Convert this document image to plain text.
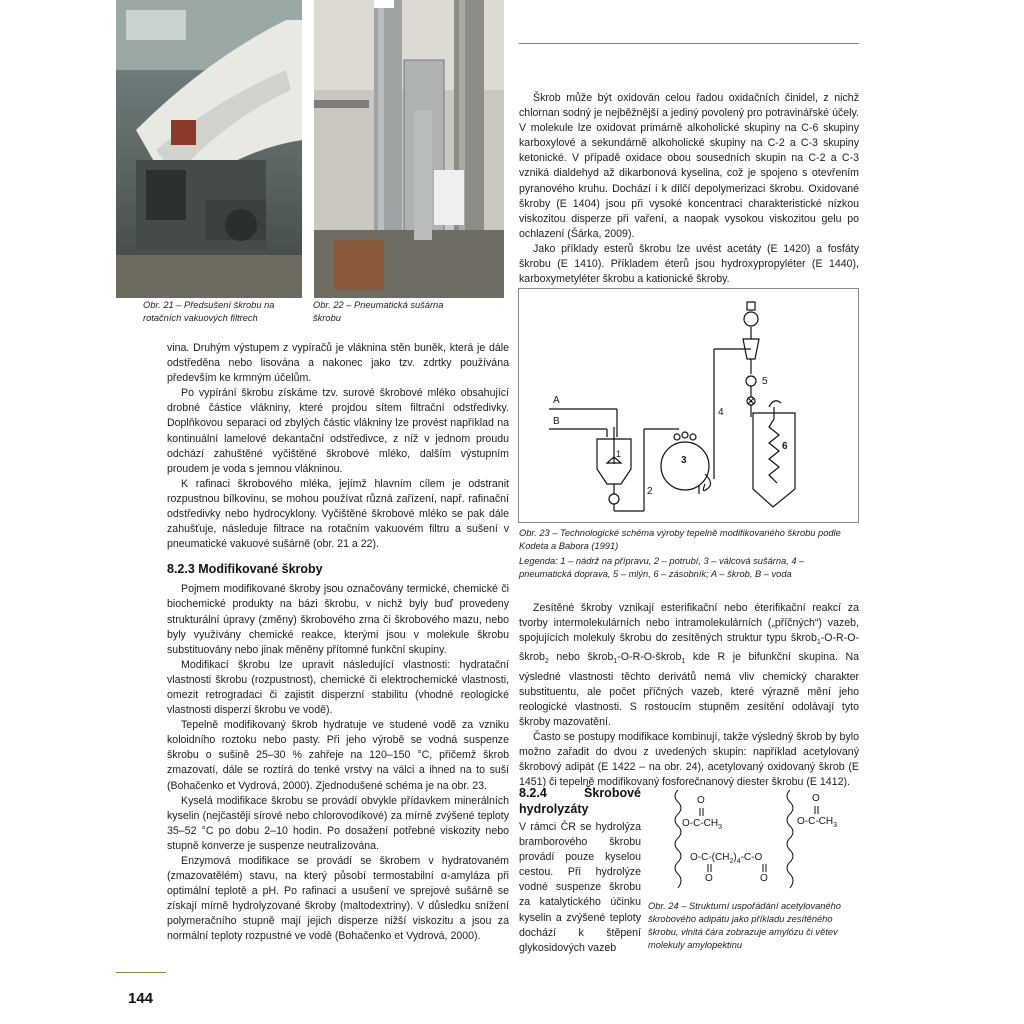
Obr. 21 – Předsušení škrobu na rotačních vakuových filtrech
Obr. 22 – Pneumatická sušárna škrobu

vina. Druhým výstupem z vypíračů je vláknina stěn buněk, která je dále odstředěna nebo lisována a nakonec jako tzv. zdrtky používána především ke krmným účelům.

Po vypírání škrobu získáme tzv. surové škrobové mléko obsahující drobné částice vlákniny, které projdou sítem filtrační odstředivky. Doplňkovou separaci od zbylých částic vlákniny lze provést například na kontinuální lamelové dekantační odstředivce, z níž v jednom proudu odchází zahuštěné vyčištěné škrobové mléko, dalším výstupním proudem je voda s jemnou vlákninou.

K rafinaci škrobového mléka, jejímž hlavním cílem je odstranit rozpustnou bílkovinu, se mohou používat různá zařízení, např. rafinační odstředivky nebo hydrocyklony. Vyčištěné škrobové mléko se pak dále zahušťuje, následuje filtrace na rotačním vakuovém filtru a sušení v pneumatické vakuové sušárně (obr. 21 a 22).

8.2.3 Modifikované škroby

Pojmem modifikované škroby jsou označovány termické, chemické či biochemické produkty na bázi škrobu, v nichž byly buď provedeny strukturální úpravy (změny) škrobového zrna či škrobového mazu, nebo byly využívány chemické reakce, kterými jsou v molekule škrobu substituovány nebo jinak měněny přítomné funkční skupiny.

Modifikací škrobu lze upravit následující vlastnosti: hydratační vlastnosti škrobu (rozpustnost), chemické či elektrochemické vlastnosti, omezit retrogradaci či zajistit disperzní stabilitu (vhodné reologické vlastnosti disperzí škrobu ve vodě).

Tepelně modifikovaný škrob hydratuje ve studené vodě za vzniku koloidního roztoku nebo pasty. Při jeho výrobě se vodná suspenze škrobu o sušině 25–30 % zahřeje na 120–150 °C, přičemž škrob zmazovatí, dále se roztírá do tenké vrstvy na válci a ihned na to suší (Bohačenko et Vydrová, 2000). Zjednodušené schéma je na obr. 23.

Kyselá modifikace škrobu se provádí obvykle přídavkem minerálních kyselin (nejčastěji sírové nebo chlorovodíkové) za mírně zvýšené teploty 35–52 °C po dobu 2–10 hodin. Po dosažení potřebné viskozity nebo stupně konverze je suspenze neutralizována.

Enzymová modifikace se provádí se škrobem v hydratovaném (zmazovatělém) stavu, na který působí termostabilní α-amyláza při optimální teplotě a pH. Po rafinaci a usušení ve sprejové sušárně se získají mírně hydrolyzované škroby (maltodextriny). V důsledku snížení polymeračního stupně mají jejich disperze nižší viskozitu a jsou za normální teploty rozpustné ve vodě (Bohačenko et Vydrová, 2000).

Škrob může být oxidován celou řadou oxidačních činidel, z nichž chlornan sodný je nejběžnější a jediný povolený pro potravinářské účely. V molekule lze oxidovat primárně alkoholické skupiny na C-6 skupiny karboxylové a sekundárně alkoholické skupiny na C-2 a C-3 skupiny ketonické. V případě oxidace obou sousedních skupin na C-2 a C-3 vzniká dialdehyd až dikarbonová kyselina, což je spojeno s otevřením pyranového kruhu. Dochází i k dílčí depolymerizaci škrobu. Oxidované škroby (E 1404) jsou při vysoké koncentraci charakteristické nízkou viskozitou disperze při vaření, a naopak vysokou viskozitou gelu po ochlazení (Šárka, 2009).

Jako příklady esterů škrobu lze uvést acetáty (E 1420) a fosfáty škrobu (E 1410). Příkladem éterů jsou hydroxypropyléter (E 1440), karboxymetyléter škrobu a kationické škroby.

A
B
1
2
3
4
5
6
Obr. 23 – Technologické schéma výroby tepelně modifikovaného škrobu podle Kodeta a Babora (1991)
Legenda: 1 – nádrž na přípravu, 2 – potrubí, 3 – válcová sušárna, 4 – pneumatická doprava, 5 – mlýn, 6 – zásobník; A – škrob, B – voda

Zesítěné škroby vznikají esterifikační nebo éterifikační reakcí za tvorby intermolekulárních nebo intramolekulárních („příčných“) vazeb, spojujících molekuly škrobu do zesítěných struktur typu škrob$_1$-O-R-O-škrob$_2$ nebo škrob$_1$-O-R-O-škrob$_1$ kde R je bifunkční skupina. Na výsledné vlastnosti těchto derivátů nemá vliv chemický charakter substituentu, ale počet příčných vazeb, které výrazně mění jeho reologické vlastnosti. S rostoucím stupněm zesítění odolávají tyto škroby mazovatění.

Často se postupy modifikace kombinují, takže výsledný škrob by bylo možno zařadit do dvou z uvedených skupin: například acetylovaný škrobový adipát (E 1422 – na obr. 24), acetylovaný oxidovaný škrob (E 1451) či tepelně modifikovaný fosforečnanový diester škrobu (E 1412).

8.2.4 Škrobové hydrolyzáty

V rámci ČR se hydrolýza bramborového škrobu provádí pouze kyselou cestou. Při hydrolýze vodné suspenze škrobu za katalytického účinku kyselin a zvýšené teploty dochází k štěpení glykosidových vazeb

O
$O-C-CH_3$
O
$O-C-CH_3$
$O-C-(CH_2)_4-C-O$
O	O
Obr. 24 – Strukturní uspořádání acetylovaného škrobového adipátu jako příkladu zesítěného škrobu, vlnitá čára zobrazuje amylózu či větev molekuly amylopektinu
144
